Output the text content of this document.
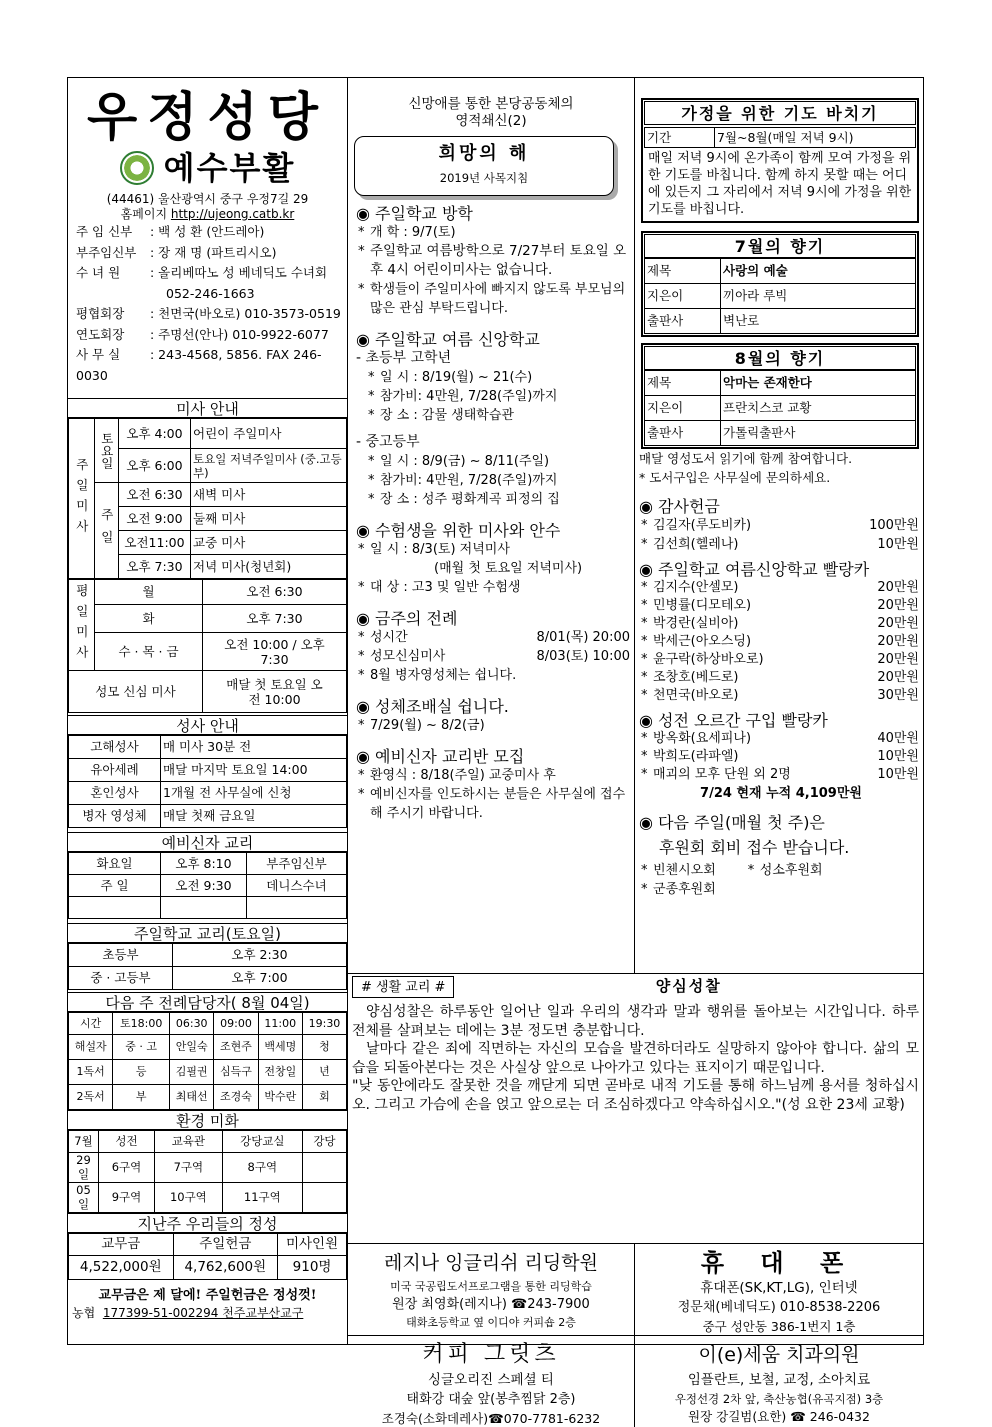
우정성당
예수부활
(44461) 울산광역시 중구 우정7길 29
홈페이지 http://ujeong.catb.kr
주 임 신부 : 백 성 환 (안드레아)
부주임신부 : 장 재 명 (파트리시오)
수 녀 원 : 올리베따노 성 베네딕도 수녀회
052-246-1663
평협회장 : 천면국(바오로) 010-3573-0519
연도회장 : 주명선(안나) 010-9922-6077
사 무 실 : 243-4568, 5856. FAX 246-0030
미사 안내
주일미사	토요일	오후 4:00	어린이 주일미사
		오후 6:00	토요일 저녁주일미사 (중.고등부)
	주일	오전 6:30	새벽 미사
		오전 9:00	둘째 미사
		오전11:00	교중 미사
		오후 7:30	저녁 미사(청년회)
평일미사	월	오전 6:30
	화	오후 7:30
	수 · 목 · 금	오전 10:00 / 오후 7:30
성모 신심 미사		매달 첫 토요일 오전 10:00
성사 안내
고해성사	매 미사 30분 전
유아세례	매달 마지막 토요일 14:00
혼인성사	1개월 전 사무실에 신청
병자 영성체	매달 첫째 금요일
예비신자 교리
화요일	오후 8:10	부주임신부
주 일	오전 9:30	데니스수녀

주일학교 교리(토요일)
초등부	오후 2:30
중 · 고등부	오후 7:00
다음 주 전례담당자( 8월 04일)
시간	토18:00	06:30	09:00	11:00	19:30
해설자	중 · 고	안일숙	조현주	백세명	청
1독서	등	김필권	심득구	전창일	년
2독서	부	최태선	조경숙	박수란	회
환경 미화
7월	성전	교육관	강당교실	강당
29일	6구역	7구역	8구역	
05일	9구역	10구역	11구역	
지난주 우리들의 정성
교무금	주일헌금	미사인원
4,522,000원	4,762,600원	910명
교무금은 제 달에! 주일헌금은 정성껏!
농협 177399-51-002294 천주교부산교구
신망애를 통한 본당공동체의
영적쇄신(2)
희망의 해
2019년 사목지침
◉ 주일학교 방학
* 개 학 : 9/7(토)
* 주일학교 여름방학으로 7/27부터 토요일 오후 4시 어린이미사는 없습니다.
* 학생들이 주일미사에 빠지지 않도록 부모님의 많은 관심 부탁드립니다.
◉ 주일학교 여름 신앙학교
- 초등부 고학년
* 일 시 : 8/19(월) ~ 21(수)
* 참가비: 4만원, 7/28(주일)까지
* 장 소 : 감물 생태학습관
- 중고등부
* 일 시 : 8/9(금) ~ 8/11(주일)
* 참가비: 4만원, 7/28(주일)까지
* 장 소 : 성주 평화계곡 피정의 집
◉ 수험생을 위한 미사와 안수
* 일 시 : 8/3(토) 저녁미사
(매월 첫 토요일 저녁미사)
* 대 상 : 고3 및 일반 수험생
◉ 금주의 전례
* 성시간	8/01(목) 20:00
* 성모신심미사	8/03(토) 10:00
* 8월 병자영성체는 쉽니다.
◉ 성체조배실 쉽니다.
* 7/29(월) ~ 8/2(금)
◉ 예비신자 교리반 모집
* 환영식 : 8/18(주일) 교중미사 후
* 예비신자를 인도하시는 분들은 사무실에 접수해 주시기 바랍니다.
가정을 위한 기도 바치기
기간	7월~8월(매일 저녁 9시)
매일 저녁 9시에 온가족이 함께 모여 가정을 위한 기도를 바칩니다. 함께 하지 못할 때는 어디에 있든지 그 자리에서 저녁 9시에 가정을 위한 기도를 바칩니다.
7월의 향기
제목	사랑의 예술
지은이	끼아라 루빅
출판사	벽난로
8월의 향기
제목	악마는 존재한다
지은이	프란치스코 교황
출판사	가톨릭출판사
매달 영성도서 읽기에 함께 참여합니다.
* 도서구입은 사무실에 문의하세요.
◉ 감사헌금
* 김길자(루도비카)	100만원
* 김선희(헬레나)	10만원
◉ 주일학교 여름신앙학교 빨랑카
* 김지수(안셀모)	20만원
* 민병률(디모테오)	20만원
* 박경란(실비아)	20만원
* 박세근(아오스딩)	20만원
* 윤구락(하상바오로)	20만원
* 조창호(베드로)	20만원
* 천면국(바오로)	30만원
◉ 성전 오르간 구입 빨랑카
* 방옥화(요세피나)	40만원
* 박희도(라파엘)	10만원
* 매괴의 모후 단원 외 2명	10만원
7/24 현재 누적 4,109만원
◉ 다음 주일(매월 첫 주)은
후원회 회비 접수 받습니다.
* 빈첸시오회	* 성소후원회
* 군종후원회
# 생활 교리 #	양심성찰

양심성찰은 하루동안 일어난 일과 우리의 생각과 말과 행위를 돌아보는 시간입니다. 하루 전체를 살펴보는 데에는 3분 정도면 충분합니다.

날마다 같은 죄에 직면하는 자신의 모습을 발견하더라도 실망하지 않아야 합니다. 삶의 모습을 되돌아본다는 것은 사실상 앞으로 나아가고 있다는 표지이기 때문입니다.

"낮 동안에라도 잘못한 것을 깨닫게 되면 곧바로 내적 기도를 통해 하느님께 용서를 청하십시오. 그리고 가슴에 손을 얹고 앞으로는 더 조심하겠다고 약속하십시오."(성 요한 23세 교황)

레지나 잉글리쉬 리딩학원
미국 국공립도서프로그램을 통한 리딩학습
원장 최영화(레지나) ☎243-7900
태화초등학교 옆 이디야 커피숍 2층
휴 대 폰
휴대폰(SK,KT,LG), 인터넷
정문채(베네딕도) 010-8538-2206
중구 성안동 386-1번지 1층
커피 그릿츠
싱글오리진 스페셜 티
태화강 대숲 앞(봉추찜닭 2층)
조경숙(소화데레사)☎070-7781-6232
이(e)세움 치과의원
임플란트, 보철, 교정, 소아치료
우정선경 2차 앞, 축산농협(유곡지점) 3층
원장 강길범(요한) ☎ 246-0432
